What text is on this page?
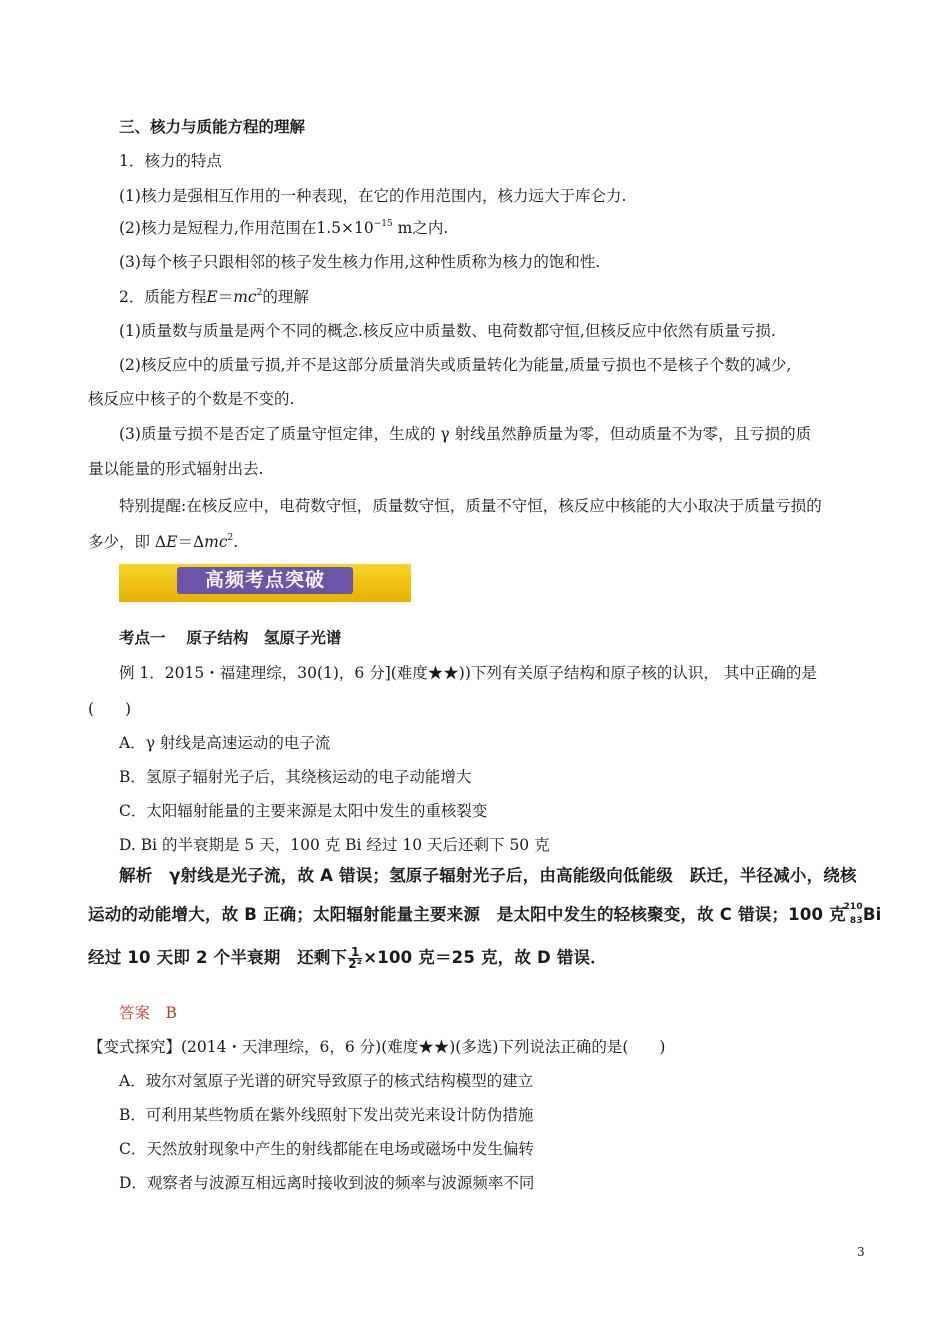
三、核力与质能方程的理解
1．核力的特点
(1)核力是强相互作用的一种表现，在它的作用范围内，核力远大于库仑力.
(2)核力是短程力,作用范围在$1.5\times 10^{-15}$ m之内.
(3)每个核子只跟相邻的核子发生核力作用,这种性质称为核力的饱和性.
2．质能方程$E=mc^2$的理解
(1)质量数与质量是两个不同的概念.核反应中质量数、电荷数都守恒,但核反应中依然有质量亏损.
(2)核反应中的质量亏损,并不是这部分质量消失或质量转化为能量,质量亏损也不是核子个数的减少,
核反应中核子的个数是不变的.
(3)质量亏损不是否定了质量守恒定律，生成的 γ 射线虽然静质量为零，但动质量不为零，且亏损的质
量以能量的形式辐射出去.
特别提醒:在核反应中，电荷数守恒，质量数守恒，质量不守恒，核反应中核能的大小取决于质量亏损的
多少，即 ΔE＝Δmc$^2$.
高频考点突破
考点一　 原子结构　氢原子光谱
例 1．2015・福建理综，30(1)，6 分](难度★★))下列有关原子结构和原子核的认识， 其中正确的是
(　　)
A．γ 射线是高速运动的电子流
B．氢原子辐射光子后，其绕核运动的电子动能增大
C．太阳辐射能量的主要来源是太阳中发生的重核裂变
D. Bi 的半衰期是 5 天，100 克 Bi 经过 10 天后还剩下 50 克
解析　γ射线是光子流，故 A 错误；氢原子辐射光子后，由高能级向低能级　跃迁，半径减小，绕核
运动的动能增大，故 B 正确；太阳辐射能量主要来源　是太阳中发生的轻核聚变，故 C 错误；100 克
210
83 Bi
经过 10 天即 2 个半衰期　还剩下 $\frac{1}{\text{2²}} \times 100$ 克＝25 克，故 D 错误．
答案　B
【变式探究】(2014・天津理综，6，6 分)(难度★★)(多选)下列说法正确的是(　　)
A．玻尔对氢原子光谱的研究导致原子的核式结构模型的建立
B．可利用某些物质在紫外线照射下发出荧光来设计防伪措施
C．天然放射现象中产生的射线都能在电场或磁场中发生偏转
D．观察者与波源互相远离时接收到波的频率与波源频率不同
3
